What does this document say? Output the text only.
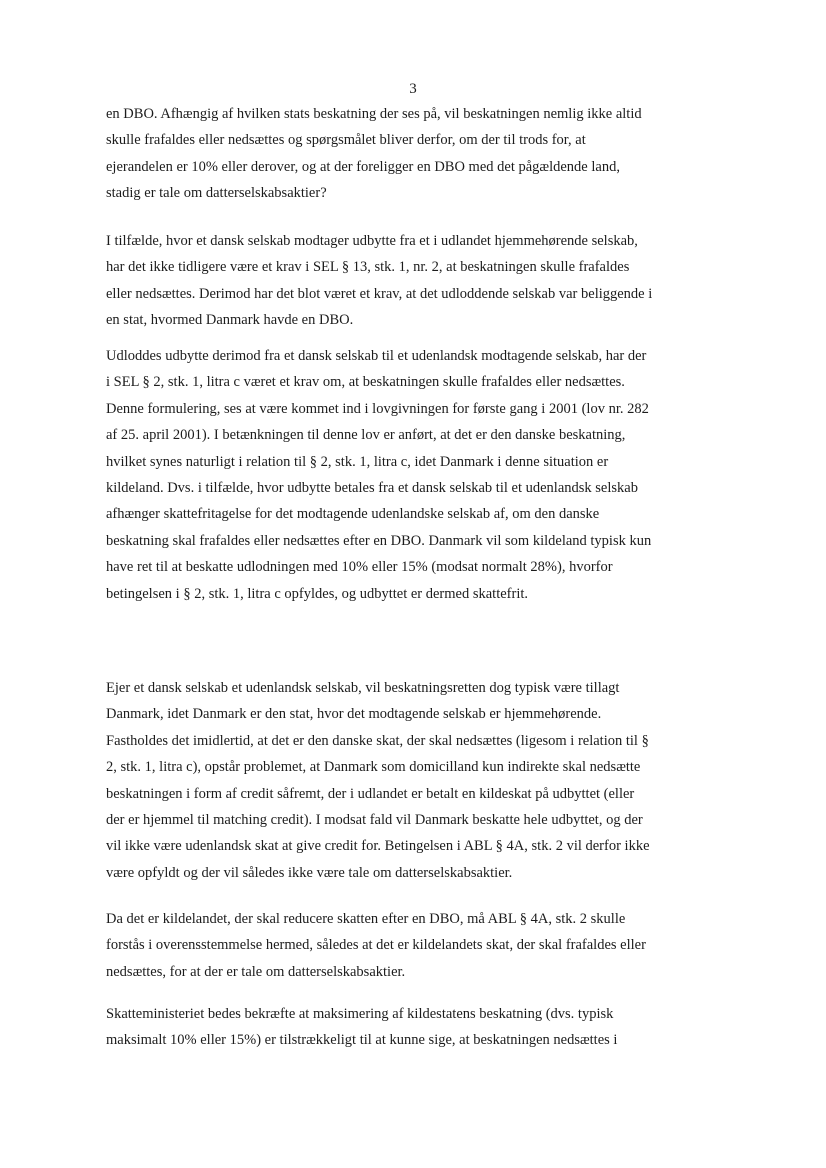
3
en DBO. Afhængig af hvilken stats beskatning der ses på, vil beskatningen nemlig ikke altid
skulle frafaldes eller nedsættes og spørgsmålet bliver derfor, om der til trods for, at
ejerandelen er 10% eller derover, og at der foreligger en DBO med det pågældende land,
stadig er tale om datterselskabsaktier?
I tilfælde, hvor et dansk selskab modtager udbytte fra et i udlandet hjemmehørende selskab,
har det ikke tidligere være et krav i SEL § 13, stk. 1, nr. 2, at beskatningen skulle frafaldes
eller nedsættes. Derimod har det blot været et krav, at det udloddende selskab var beliggende i
en stat, hvormed Danmark havde en DBO.
Udloddes udbytte derimod fra et dansk selskab til et udenlandsk modtagende selskab, har der
i SEL § 2, stk. 1, litra c været et krav om, at beskatningen skulle frafaldes eller nedsættes.
Denne formulering, ses at være kommet ind i lovgivningen for første gang i 2001 (lov nr. 282
af 25. april 2001). I betænkningen til denne lov er anført, at det er den danske beskatning,
hvilket synes naturligt i relation til § 2, stk. 1, litra c, idet Danmark i denne situation er
kildeland. Dvs. i tilfælde, hvor udbytte betales fra et dansk selskab til et udenlandsk selskab
afhænger skattefritagelse for det modtagende udenlandske selskab af, om den danske
beskatning skal frafaldes eller nedsættes efter en DBO. Danmark vil som kildeland typisk kun
have ret til at beskatte udlodningen med 10% eller 15% (modsat normalt 28%), hvorfor
betingelsen i § 2, stk. 1, litra c opfyldes, og udbyttet er dermed skattefrit.
Ejer et dansk selskab et udenlandsk selskab, vil beskatningsretten dog typisk være tillagt
Danmark, idet Danmark er den stat, hvor det modtagende selskab er hjemmehørende.
Fastholdes det imidlertid, at det er den danske skat, der skal nedsættes (ligesom i relation til §
2, stk. 1, litra c), opstår problemet, at Danmark som domicilland kun indirekte skal nedsætte
beskatningen i form af credit såfremt, der i udlandet er betalt en kildeskat på udbyttet (eller
der er hjemmel til matching credit). I modsat fald vil Danmark beskatte hele udbyttet, og der
vil ikke være udenlandsk skat at give credit for. Betingelsen i ABL § 4A, stk. 2 vil derfor ikke
være opfyldt og der vil således ikke være tale om datterselskabsaktier.
Da det er kildelandet, der skal reducere skatten efter en DBO, må ABL § 4A, stk. 2 skulle
forstås i overensstemmelse hermed, således at det er kildelandets skat, der skal frafaldes eller
nedsættes, for at der er tale om datterselskabsaktier.
Skatteministeriet bedes bekræfte at maksimering af kildestatens beskatning (dvs. typisk
maksimalt 10% eller 15%) er tilstrækkeligt til at kunne sige, at beskatningen nedsættes i
